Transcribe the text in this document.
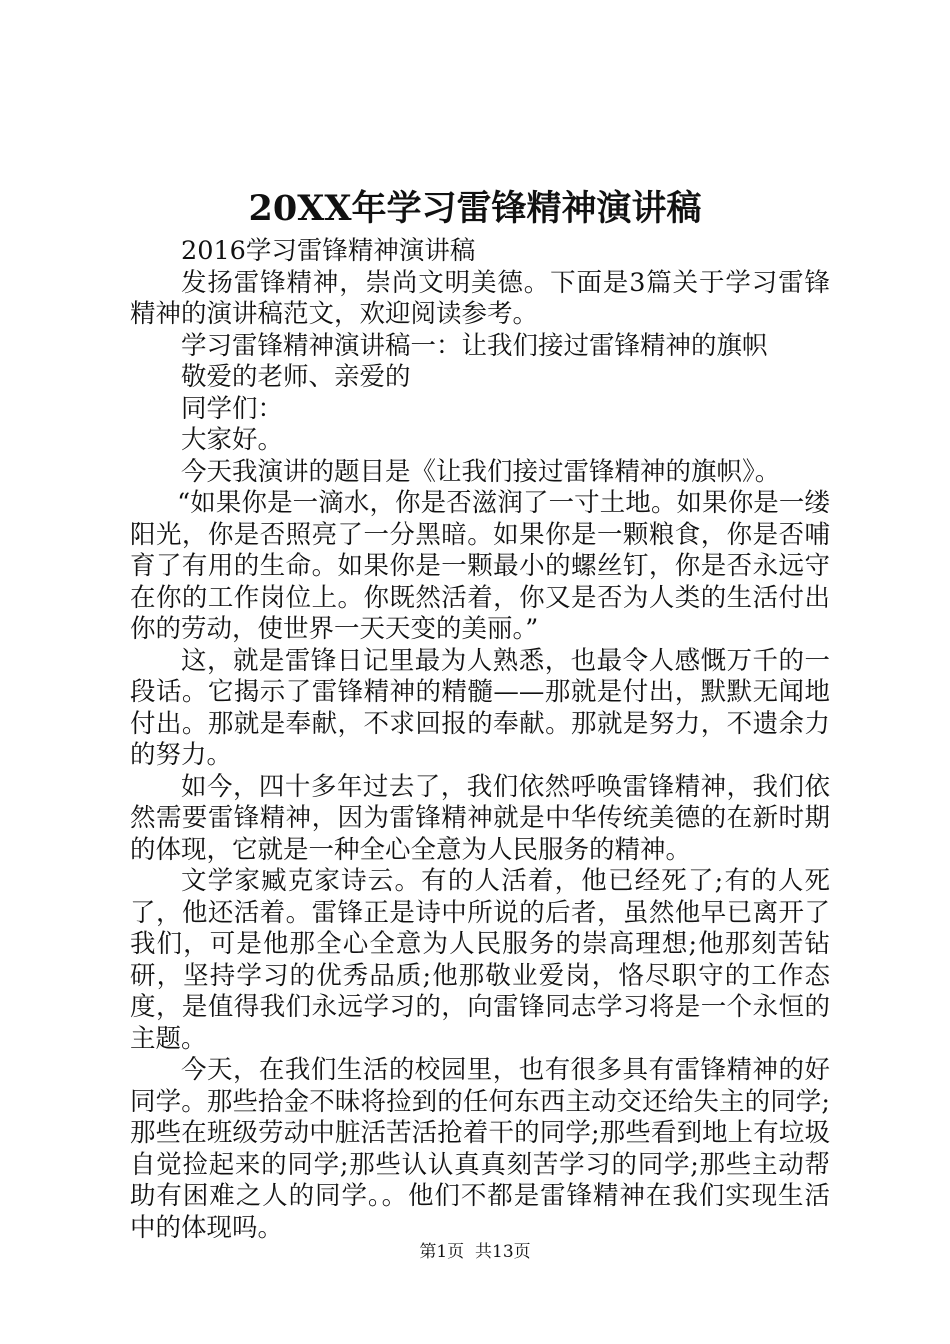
20XX年学习雷锋精神演讲稿

2016学习雷锋精神演讲稿

发扬雷锋精神，崇尚文明美德。下面是3篇关于学习雷锋精神的演讲稿范文，欢迎阅读参考。

学习雷锋精神演讲稿一：让我们接过雷锋精神的旗帜

敬爱的老师、亲爱的

同学们：

大家好。

今天我演讲的题目是《让我们接过雷锋精神的旗帜》。

“如果你是一滴水，你是否滋润了一寸土地。如果你是一缕阳光，你是否照亮了一分黑暗。如果你是一颗粮食，你是否哺育了有用的生命。如果你是一颗最小的螺丝钉，你是否永远守在你的工作岗位上。你既然活着，你又是否为人类的生活付出你的劳动，使世界一天天变的美丽。”

这，就是雷锋日记里最为人熟悉，也最令人感慨万千的一段话。它揭示了雷锋精神的精髓——那就是付出，默默无闻地付出。那就是奉献，不求回报的奉献。那就是努力，不遗余力的努力。

如今，四十多年过去了，我们依然呼唤雷锋精神，我们依然需要雷锋精神，因为雷锋精神就是中华传统美德的在新时期的体现，它就是一种全心全意为人民服务的精神。

文学家臧克家诗云。有的人活着，他已经死了;有的人死了，他还活着。雷锋正是诗中所说的后者，虽然他早已离开了我们，可是他那全心全意为人民服务的崇高理想;他那刻苦钻研，坚持学习的优秀品质;他那敬业爱岗，恪尽职守的工作态度，是值得我们永远学习的，向雷锋同志学习将是一个永恒的主题。

今天，在我们生活的校园里，也有很多具有雷锋精神的好同学。那些拾金不昧将捡到的任何东西主动交还给失主的同学;那些在班级劳动中脏活苦活抢着干的同学;那些看到地上有垃圾自觉捡起来的同学;那些认认真真刻苦学习的同学;那些主动帮助有困难之人的同学。。他们不都是雷锋精神在我们实现生活中的体现吗。

第1页 共13页
